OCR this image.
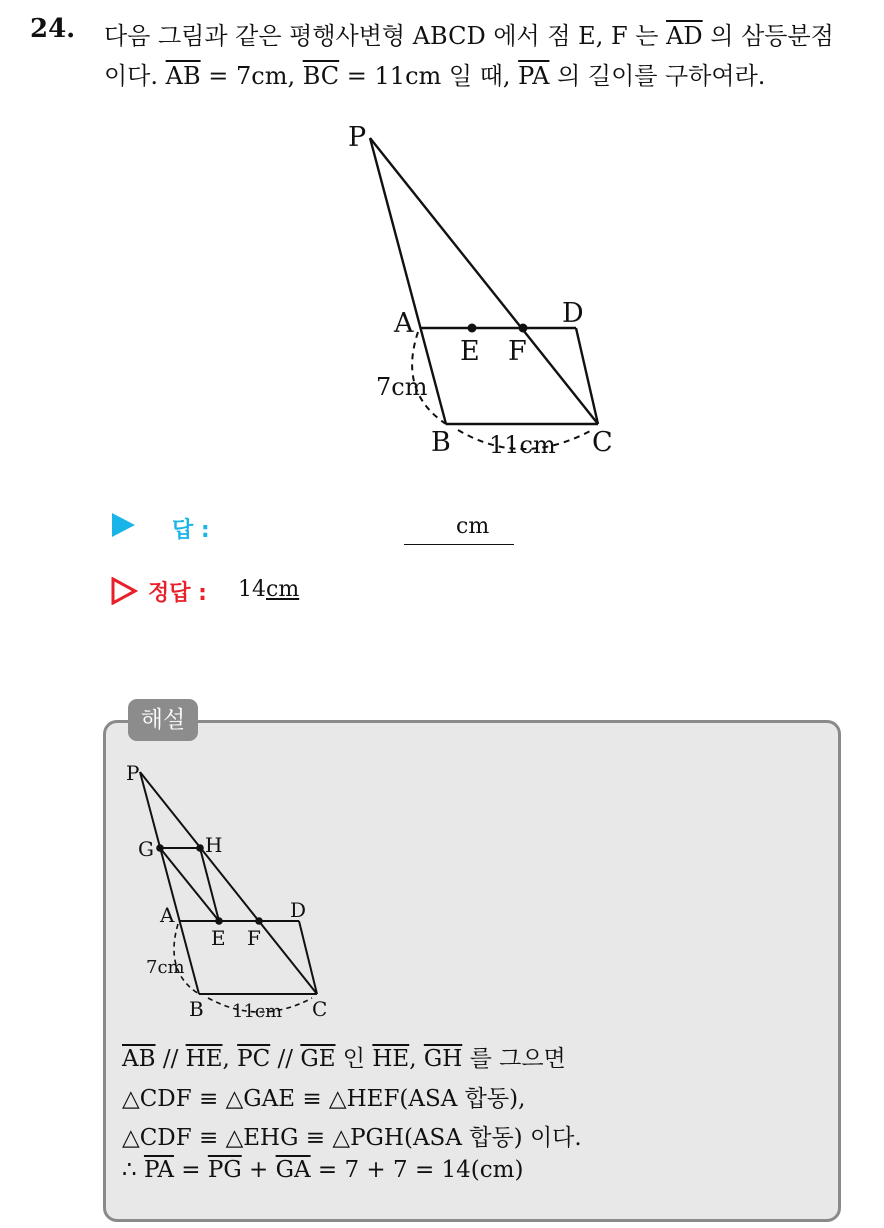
24. 다음 그림과 같은 평행사변형 ABCD 에서 점 E, F 는 $\overline{AD}$ 의 삼등분점
이다. $\overline{AB} = 7cm$, $\overline{BC} = 11cm$ 일 때, $\overline{PA}$ 의 길이를 구하여라.
P
A	D
E F
B	C
7cm
11cm
답 :	cm
정답 : 14cm
해설
P
G	H
A
E F
D
B	C
7cm
11cm
$\overline{AB} // \overline{HE}$, $\overline{PC} // \overline{GE}$ 인 $\overline{HE}$, $\overline{GH}$ 를 그으면
△CDF ≡ △GAE ≡ △HEF(ASA 합동),
△CDF ≡ △EHG ≡ △PGH(ASA 합동) 이다.
∴ $\overline{PA} = \overline{PG} + \overline{GA} = 7 + 7 = 14(cm)$
